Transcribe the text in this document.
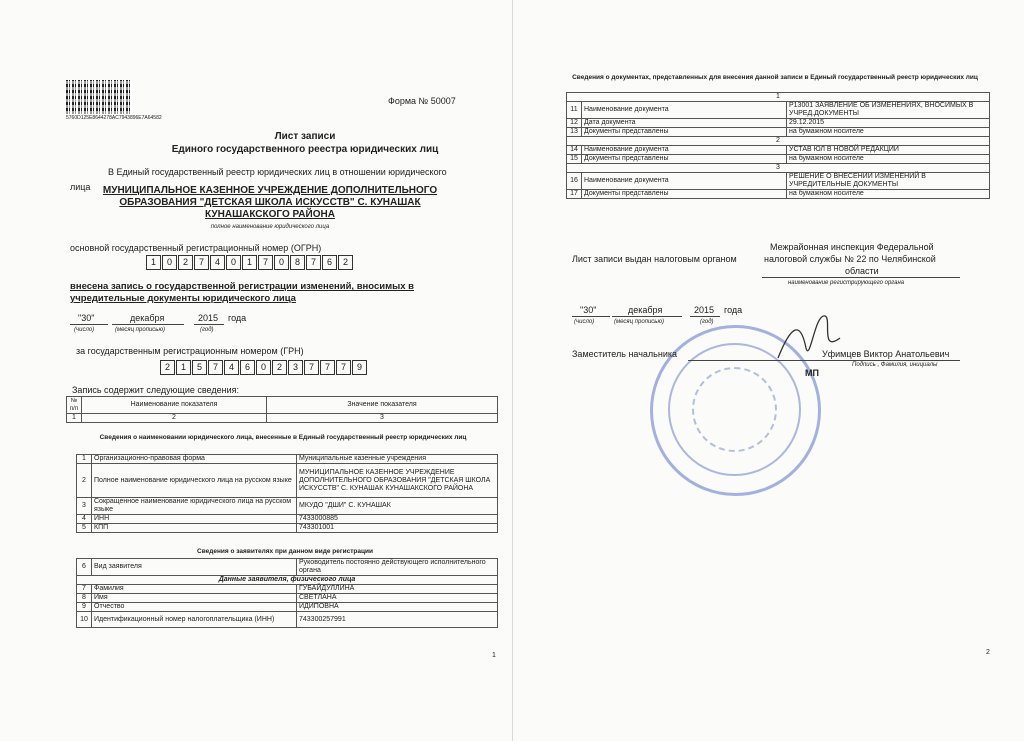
5760D125E8644278AC7943896E7A64582
Форма № 50007
Лист записи
Единого государственного реестра юридических лиц
В Единый государственный реестр юридических лиц в отношении юридического
лица	МУНИЦИПАЛЬНОЕ КАЗЕННОЕ УЧРЕЖДЕНИЕ ДОПОЛНИТЕЛЬНОГО
ОБРАЗОВАНИЯ "ДЕТСКАЯ ШКОЛА ИСКУССТВ" С. КУНАШАК
КУНАШАКСКОГО РАЙОНА
полное наименование юридического лица
основной государственный регистрационный номер (ОГРН)
1	0	2	7	4	0	1	7	0	8	7	6	2
внесена запись о государственной регистрации изменений, вносимых в
учредительные документы юридического лица
"30"	декабря	2015 года
(число)	(месяц прописью)	(год)
за государственным регистрационным номером (ГРН)
2	1	5	7	4	6	0	2	3	7	7	7	9
Запись содержит следующие сведения:
№ п/п	Наименование показателя	Значение показателя
1	2	3
Сведения о наименовании юридического лица, внесенные в Единый государственный реестр юридических лиц
1	Организационно-правовая форма	Муниципальные казенные учреждения
2	Полное наименование юридического лица на русском языке	МУНИЦИПАЛЬНОЕ КАЗЕННОЕ УЧРЕЖДЕНИЕ ДОПОЛНИТЕЛЬНОГО ОБРАЗОВАНИЯ "ДЕТСКАЯ ШКОЛА ИСКУССТВ" С. КУНАШАК КУНАШАКСКОГО РАЙОНА
3	Сокращенное наименование юридического лица на русском языке	МКУДО "ДШИ" С. КУНАШАК
4	ИНН	7433000885
5	КПП	743301001
Сведения о заявителях при данном виде регистрации
6	Вид заявителя	Руководитель постоянно действующего исполнительного органа
Данные заявителя, физического лица		
7	Фамилия	ГУБАЙДУЛЛИНА
8	Имя	СВЕТЛАНА
9	Отчество	ИДИПОВНА
10	Идентификационный номер налогоплательщика (ИНН)	743300257991
1
Сведения о документах, представленных для внесения данной записи в Единый государственный реестр юридических лиц
1		
11	Наименование документа	Р13001 ЗАЯВЛЕНИЕ ОБ ИЗМЕНЕНИЯХ, ВНОСИМЫХ В УЧРЕД.ДОКУМЕНТЫ
12	Дата документа	29.12.2015
13	Документы представлены	на бумажном носителе
2		
14	Наименование документа	УСТАВ ЮЛ В НОВОЙ РЕДАКЦИИ
15	Документы представлены	на бумажном носителе
3		
16	Наименование документа	РЕШЕНИЕ О ВНЕСЕНИИ ИЗМЕНЕНИЙ В УЧРЕДИТЕЛЬНЫЕ ДОКУМЕНТЫ
17	Документы представлены	на бумажном носителе
Межрайонная инспекция Федеральной
Лист записи выдан налоговым органом	налоговой службы № 22 по Челябинской
области
наименование регистрирующего органа
"30"	декабря	2015 года
(число)	(месяц прописью)	(год)
Заместитель начальника	Уфимцев Виктор Анатольевич
Подпись , Фамилия, инициалы
МП
2
